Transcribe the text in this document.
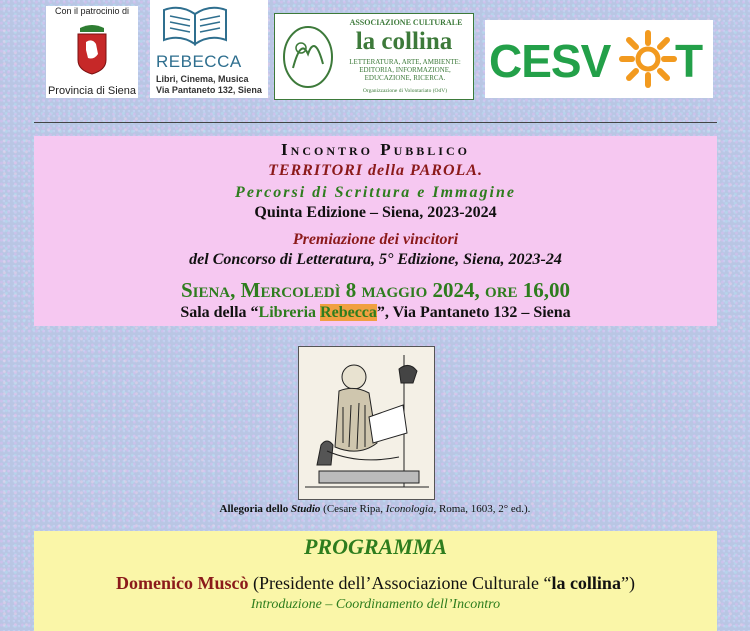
Con il patrocinio di
Provincia di Siena
REBECCA
Libri, Cinema, Musica
Via Pantaneto 132, Siena
ASSOCIAZIONE CULTURALE
la collina
LETTERATURA, ARTE, AMBIENTE:
EDITORIA, INFORMAZIONE,
EDUCAZIONE, RICERCA.
Organizzazione di Volontariato (OdV)
CESV T
Incontro Pubblico
TERRITORI della PAROLA.
Percorsi di Scrittura e Immagine
Quinta Edizione – Siena, 2023-2024
Premiazione dei vincitori
del Concorso di Letteratura, 5° Edizione, Siena, 2023-24
Siena, Mercoledì 8 maggio 2024, ore 16,00
Sala della “Libreria Rebecca”, Via Pantaneto 132 – Siena
Allegoria dello Studio (Cesare Ripa, Iconologia, Roma, 1603, 2° ed.).
PROGRAMMA
Domenico Muscò (Presidente dell’Associazione Culturale “la collina”)
Introduzione – Coordinamento dell’Incontro
